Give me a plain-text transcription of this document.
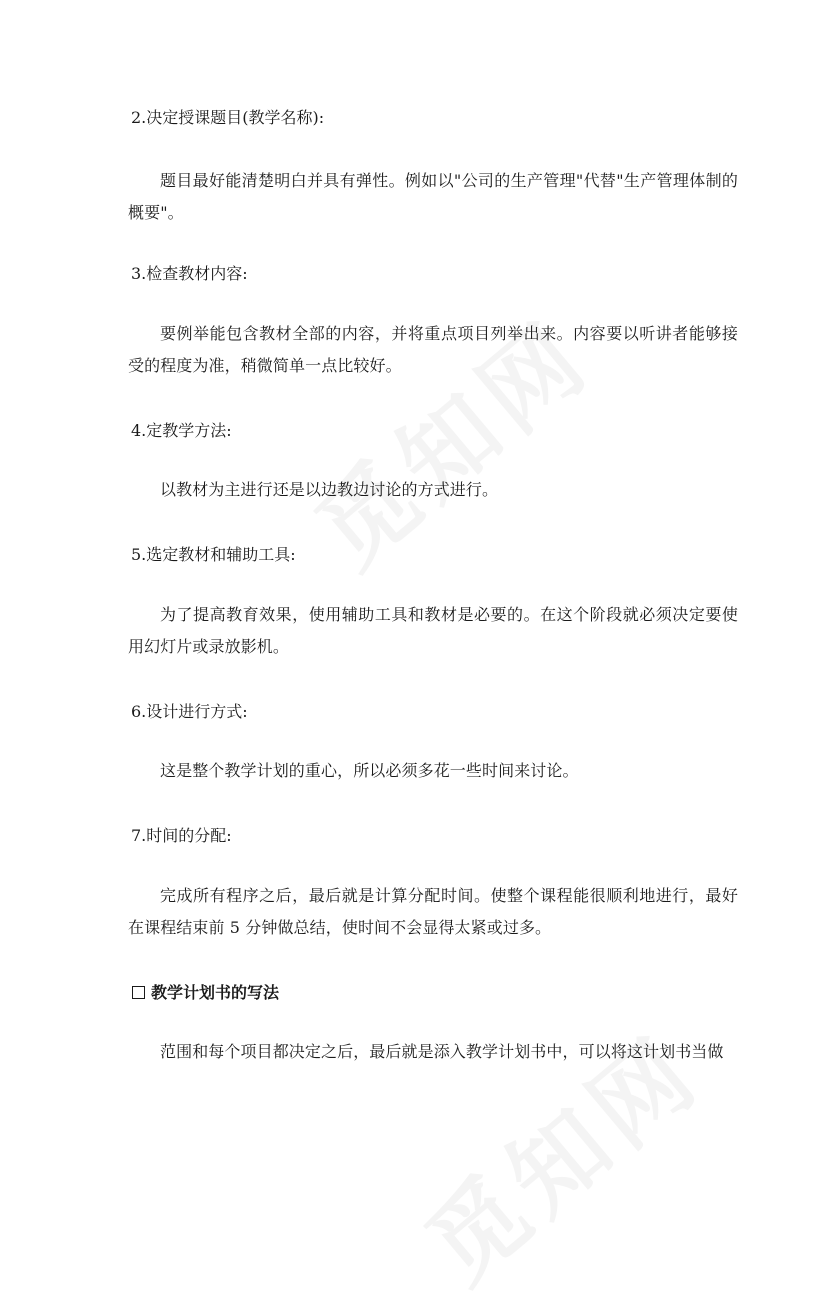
2.决定授课题目(教学名称):
题目最好能清楚明白并具有弹性。例如以"公司的生产管理"代替"生产管理体制的概要"。
3.检查教材内容:
要例举能包含教材全部的内容，并将重点项目列举出来。内容要以听讲者能够接受的程度为准，稍微简单一点比较好。
4.定教学方法:
以教材为主进行还是以边教边讨论的方式进行。
5.选定教材和辅助工具:
为了提高教育效果，使用辅助工具和教材是必要的。在这个阶段就必须决定要使用幻灯片或录放影机。
6.设计进行方式:
这是整个教学计划的重心，所以必须多花一些时间来讨论。
7.时间的分配:
完成所有程序之后，最后就是计算分配时间。使整个课程能很顺利地进行，最好在课程结束前 5 分钟做总结，使时间不会显得太紧或过多。
教学计划书的写法
范围和每个项目都决定之后，最后就是添入教学计划书中，可以将这计划书当做
